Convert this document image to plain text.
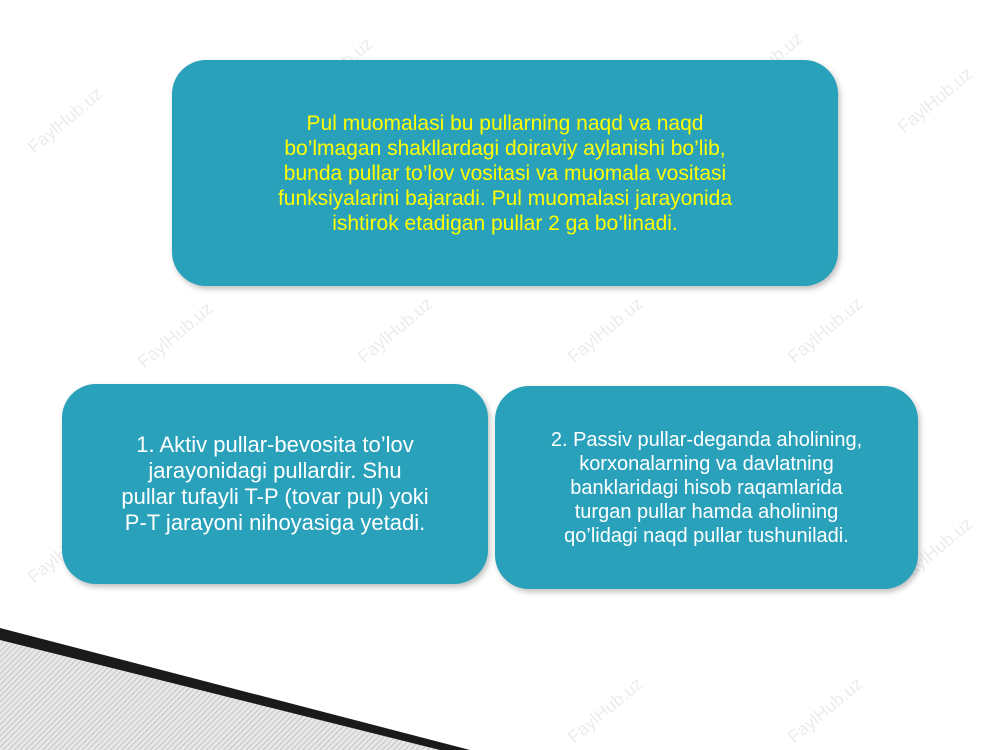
FaylHub.uz	FaylHub.uz
FaylHub.uz	FaylHub.uz	FaylHub.uz	FaylHub.uz
FaylHub.uz
FaylHub.uz	FaylHub.uz
Pul muomalasi bu pullarning naqd va naqd
bo’lmagan shakllardagi doiraviy aylanishi bo’lib,
bunda pullar to’lov vositasi va muomala vositasi
funksiyalarini bajaradi. Pul muomalasi jarayonida
ishtirok etadigan pullar 2 ga bo’linadi.
1. Aktiv pullar-bevosita to’lov
jarayonidagi pullardir. Shu
pullar tufayli T-P (tovar pul) yoki
P-T jarayoni nihoyasiga yetadi.
2. Passiv pullar-deganda aholining,
korxonalarning va davlatning
banklaridagi hisob raqamlarida
turgan pullar hamda aholining
qo’lidagi naqd pullar tushuniladi.
